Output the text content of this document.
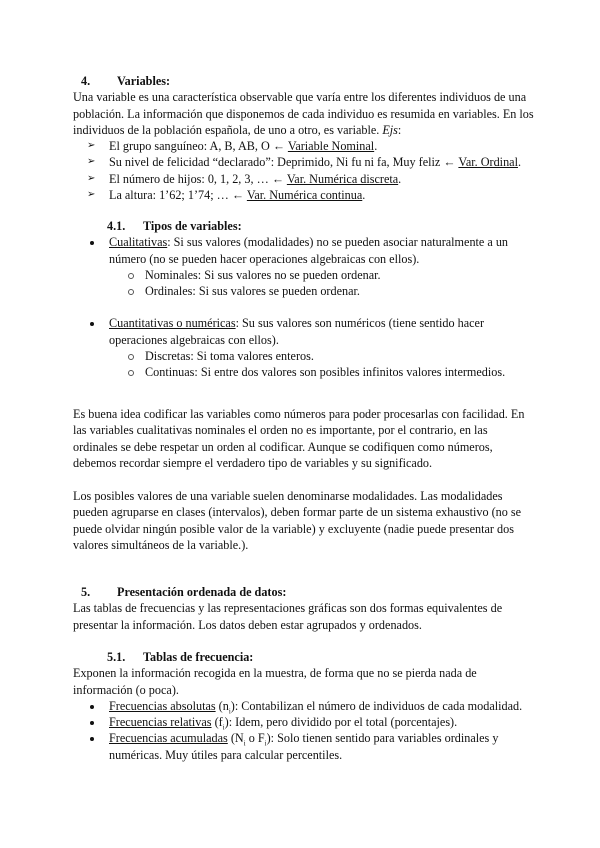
4. Variables:
Una variable es una característica observable que varía entre los diferentes individuos de una población. La información que disponemos de cada individuo es resumida en variables. En los individuos de la población española, de uno a otro, es variable. Ejs:
➢ El grupo sanguíneo: A, B, AB, O ← Variable Nominal.
➢ Su nivel de felicidad “declarado”: Deprimido, Ni fu ni fa, Muy feliz ← Var. Ordinal.
➢ El número de hijos: 0, 1, 2, 3, … ← Var. Numérica discreta.
➢ La altura: 1’62; 1’74; … ← Var. Numérica continua.
4.1. Tipos de variables:
Cualitativas: Si sus valores (modalidades) no se pueden asociar naturalmente a un número (no se pueden hacer operaciones algebraicas con ellos).
Nominales: Si sus valores no se pueden ordenar.
Ordinales: Si sus valores se pueden ordenar.
Cuantitativas o numéricas: Su sus valores son numéricos (tiene sentido hacer operaciones algebraicas con ellos).
Discretas: Si toma valores enteros.
Continuas: Si entre dos valores son posibles infinitos valores intermedios.
Es buena idea codificar las variables como números para poder procesarlas con facilidad. En las variables cualitativas nominales el orden no es importante, por el contrario, en las ordinales se debe respetar un orden al codificar. Aunque se codifiquen como números, debemos recordar siempre el verdadero tipo de variables y su significado.
Los posibles valores de una variable suelen denominarse modalidades. Las modalidades pueden agruparse en clases (intervalos), deben formar parte de un sistema exhaustivo (no se puede olvidar ningún posible valor de la variable) y excluyente (nadie puede presentar dos valores simultáneos de la variable.).
5. Presentación ordenada de datos:
Las tablas de frecuencias y las representaciones gráficas son dos formas equivalentes de presentar la información. Los datos deben estar agrupados y ordenados.
5.1. Tablas de frecuencia:
Exponen la información recogida en la muestra, de forma que no se pierda nada de información (o poca).
Frecuencias absolutas $(n_i)$: Contabilizan el número de individuos de cada modalidad.
Frecuencias relativas $(f_i)$: Idem, pero dividido por el total (porcentajes).
Frecuencias acumuladas ($N_i$ o $F_i$): Solo tienen sentido para variables ordinales y numéricas. Muy útiles para calcular percentiles.
